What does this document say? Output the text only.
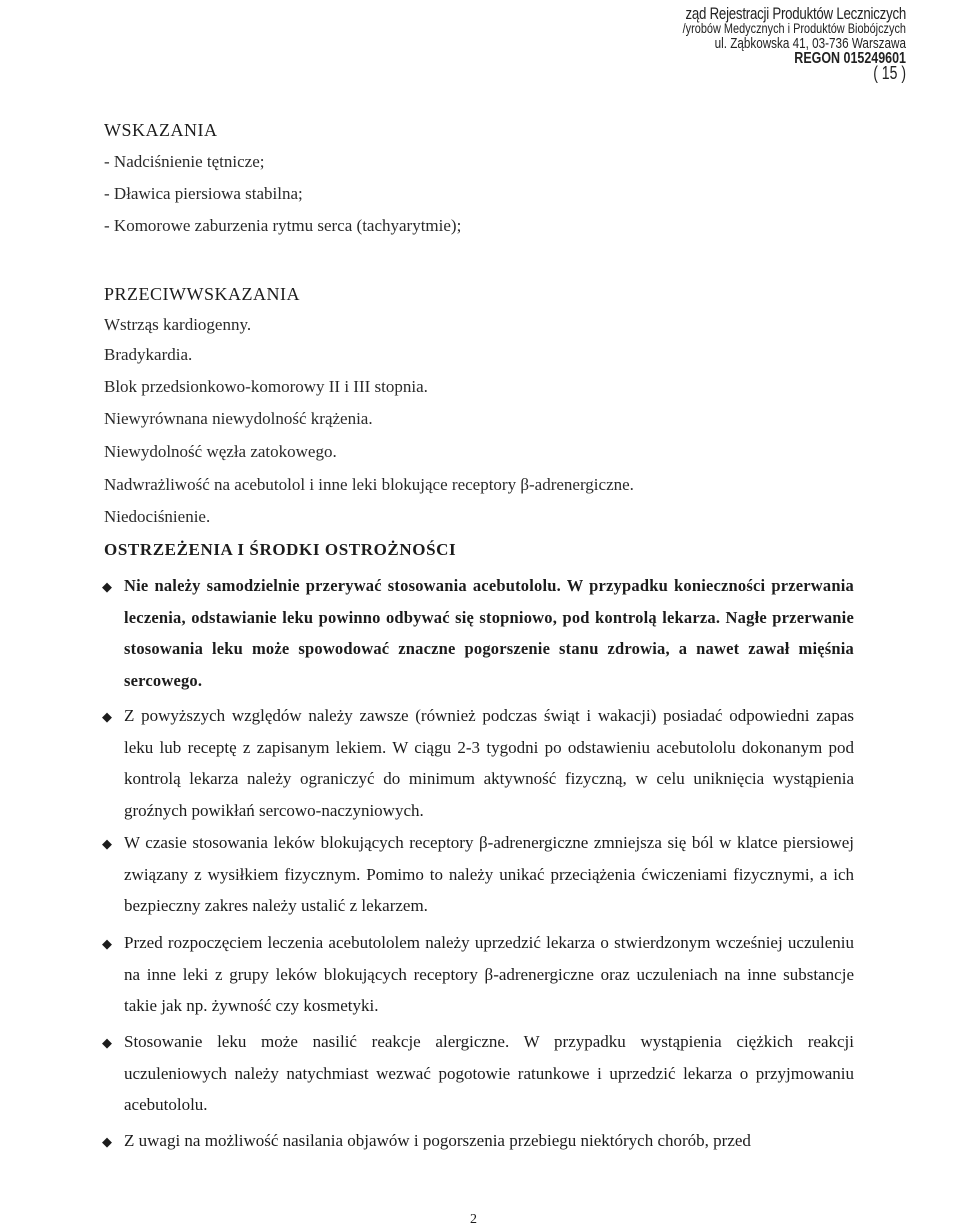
ząd Rejestracji Produktów Leczniczych
/yrobów Medycznych i Produktów Biobójczych
ul. Ząbkowska 41, 03-736 Warszawa
REGON 015249601
( 15 )
WSKAZANIA
- Nadciśnienie tętnicze;
- Dławica piersiowa stabilna;
- Komorowe zaburzenia rytmu serca (tachyarytmie);
PRZECIWWSKAZANIA
Wstrząs kardiogenny.
Bradykardia.
Blok przedsionkowo-komorowy II i III stopnia.
Niewyrównana niewydolność krążenia.
Niewydolność węzła zatokowego.
Nadwrażliwość na acebutolol i inne leki blokujące receptory β-adrenergiczne.
Niedociśnienie.
OSTRZEŻENIA I ŚRODKI OSTROŻNOŚCI
◆ Nie należy samodzielnie przerywać stosowania acebutololu. W przypadku konieczności przerwania leczenia, odstawianie leku powinno odbywać się stopniowo, pod kontrolą lekarza. Nagłe przerwanie stosowania leku może spowodować znaczne pogorszenie stanu zdrowia, a nawet zawał mięśnia sercowego.
◆ Z powyższych względów należy zawsze (również podczas świąt i wakacji) posiadać odpowiedni zapas leku lub receptę z zapisanym lekiem. W ciągu 2-3 tygodni po odstawieniu acebutololu dokonanym pod kontrolą lekarza należy ograniczyć do minimum aktywność fizyczną, w celu uniknięcia wystąpienia groźnych powikłań sercowo-naczyniowych.
◆ W czasie stosowania leków blokujących receptory β-adrenergiczne zmniejsza się ból w klatce piersiowej związany z wysiłkiem fizycznym. Pomimo to należy unikać przeciążenia ćwiczeniami fizycznymi, a ich bezpieczny zakres należy ustalić z lekarzem.
◆ Przed rozpoczęciem leczenia acebutololem należy uprzedzić lekarza o stwierdzonym wcześniej uczuleniu na inne leki z grupy leków blokujących receptory β-adrenergiczne oraz uczuleniach na inne substancje takie jak np. żywność czy kosmetyki.
◆ Stosowanie leku może nasilić reakcje alergiczne. W przypadku wystąpienia ciężkich reakcji uczuleniowych należy natychmiast wezwać pogotowie ratunkowe i uprzedzić lekarza o przyjmowaniu acebutololu.
◆ Z uwagi na możliwość nasilania objawów i pogorszenia przebiegu niektórych chorób, przed
2
